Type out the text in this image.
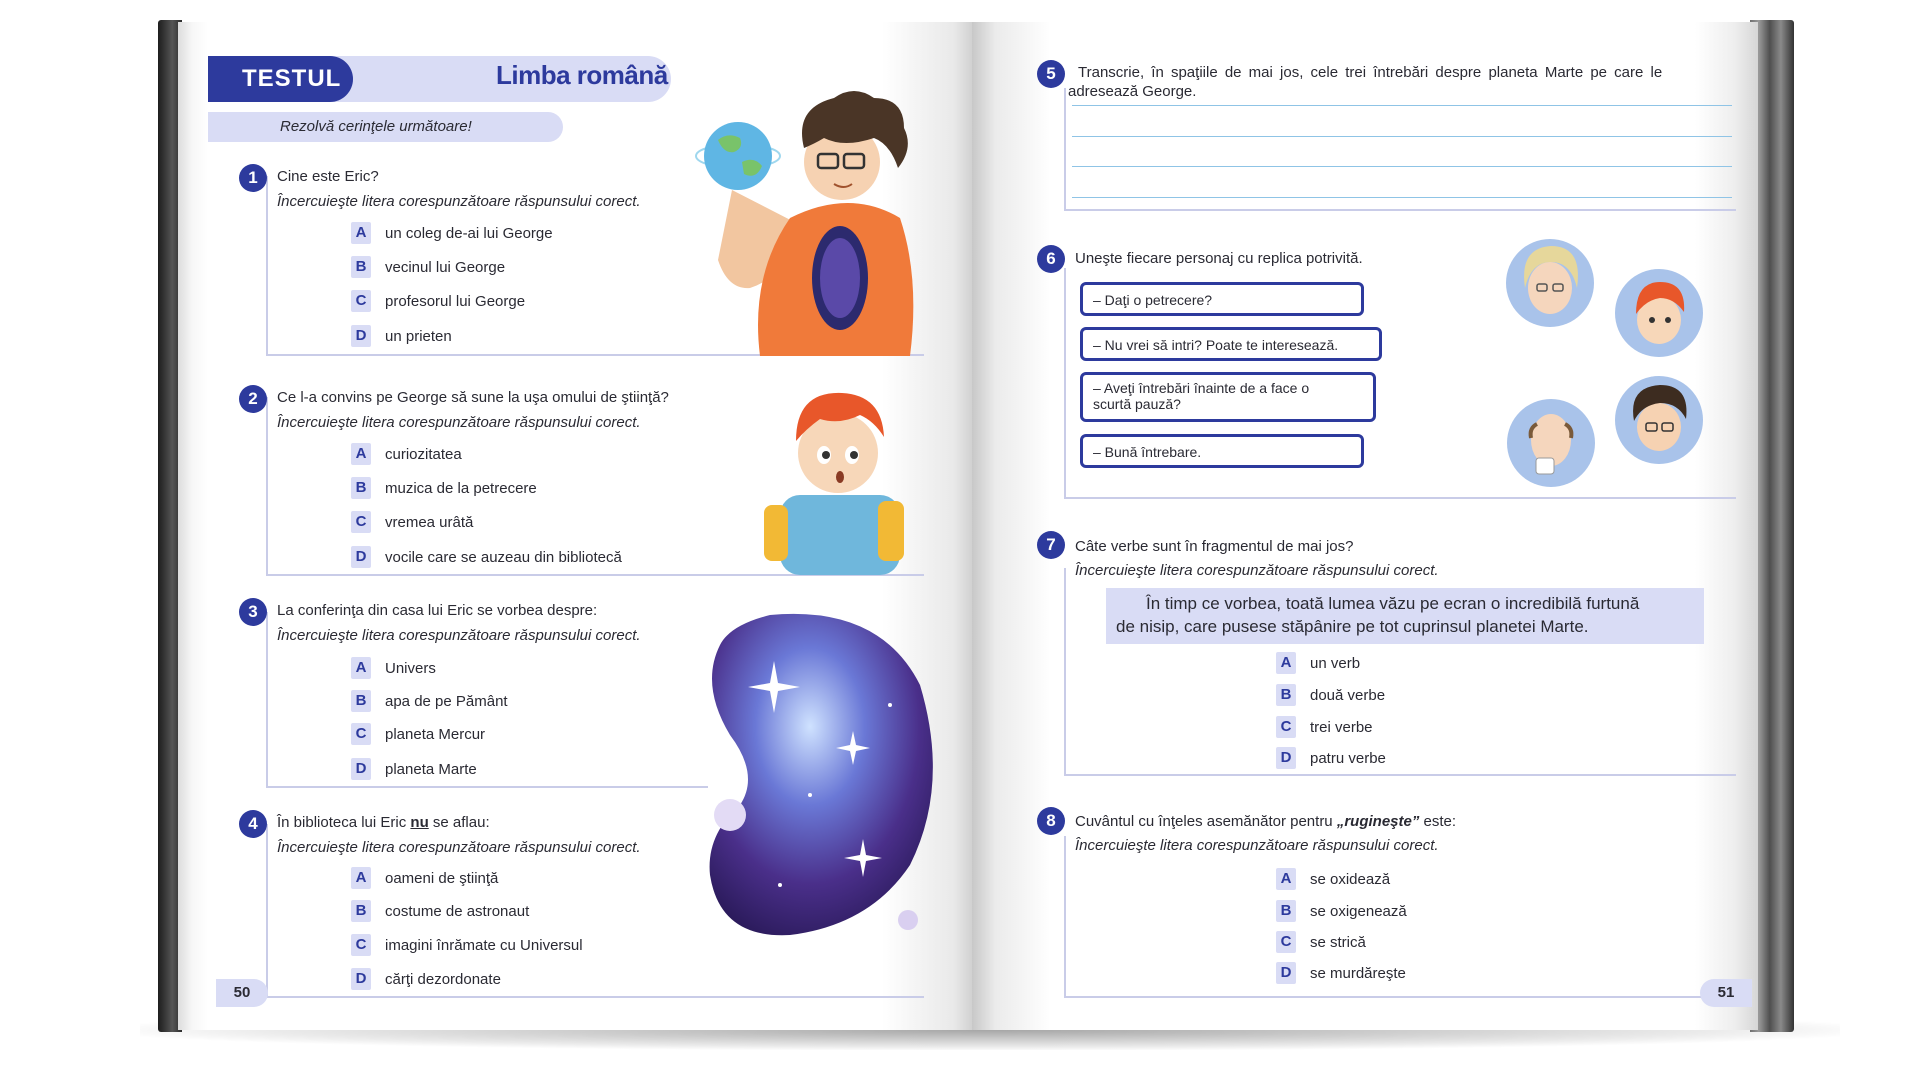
TESTUL	Limba română
Rezolvă cerinţele următoare!
1	Cine este Eric?
Încercuieşte litera corespunzătoare răspunsului corect.
A un coleg de-ai lui George
B vecinul lui George
C profesorul lui George
D un prieten
2	Ce l-a convins pe George să sune la uşa omului de ştiinţă?
Încercuieşte litera corespunzătoare răspunsului corect.
A curiozitatea
B muzica de la petrecere
C vremea urâtă
D vocile care se auzeau din bibliotecă
3	La conferinţa din casa lui Eric se vorbea despre:
Încercuieşte litera corespunzătoare răspunsului corect.
A Univers
B apa de pe Pământ
C planeta Mercur
D planeta Marte
4	În biblioteca lui Eric nu se aflau:
Încercuieşte litera corespunzătoare răspunsului corect.
A oameni de ştiinţă
B costume de astronaut
C imagini înrămate cu Universul
D cărţi dezordonate
50
5	Transcrie, în spaţiile de mai jos, cele trei întrebări despre planeta Marte pe care le
adresează George.
6	Uneşte fiecare personaj cu replica potrivită.
– Daţi o petrecere?
– Nu vrei să intri? Poate te interesează.
– Aveţi întrebări înainte de a face o
scurtă pauză?
– Bună întrebare.
7	Câte verbe sunt în fragmentul de mai jos?
Încercuieşte litera corespunzătoare răspunsului corect.
În timp ce vorbea, toată lumea văzu pe ecran o incredibilă furtună
de nisip, care pusese stăpânire pe tot cuprinsul planetei Marte.
A un verb
B două verbe
C trei verbe
D patru verbe
8	Cuvântul cu înţeles asemănător pentru „rugineşte” este:
Încercuieşte litera corespunzătoare răspunsului corect.
A se oxidează
B se oxigenează
C se strică
D se murdăreşte
51
